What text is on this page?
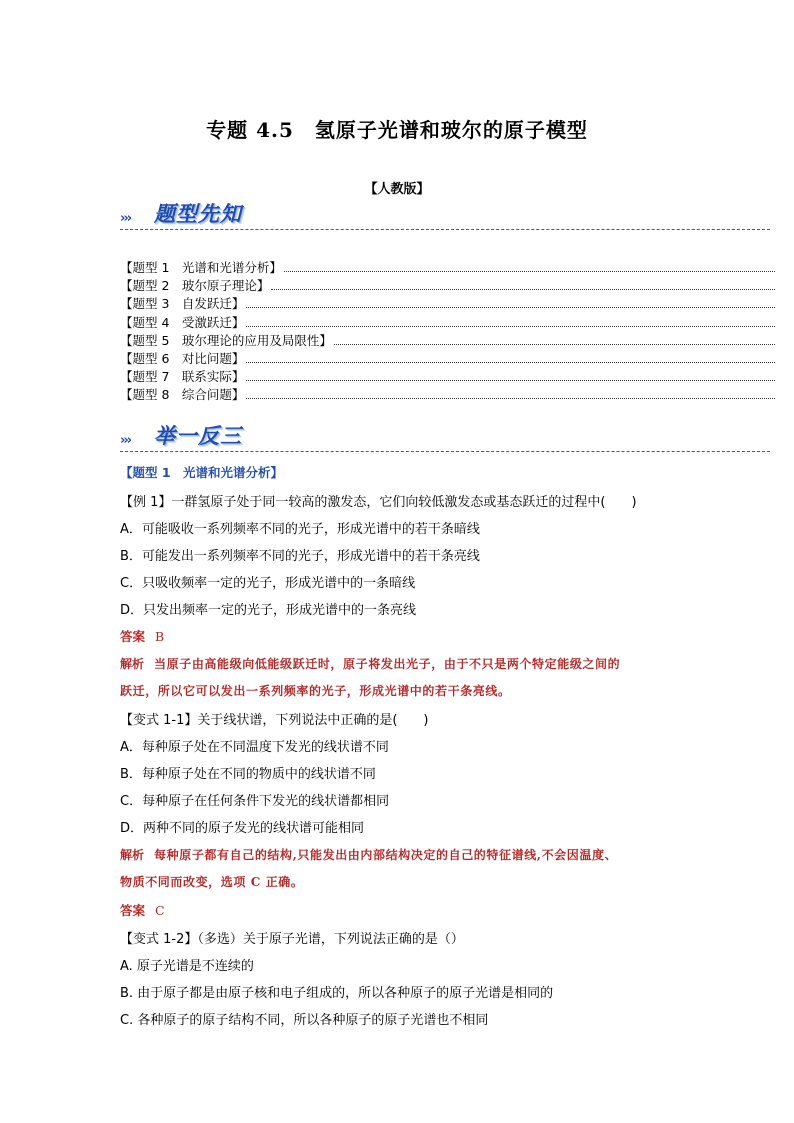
专题 4.5　氢原子光谱和玻尔的原子模型
【人教版】
››› 题型先知
【题型 1　光谱和光谱分析】
【题型 2　玻尔原子理论】
【题型 3　自发跃迁】
【题型 4　受激跃迁】
【题型 5　玻尔理论的应用及局限性】
【题型 6　对比问题】
【题型 7　联系实际】
【题型 8　综合问题】
››› 举一反三
【题型 1　光谱和光谱分析】
【例 1】一群氢原子处于同一较高的激发态，它们向较低激发态或基态跃迁的过程中(　　)
A．可能吸收一系列频率不同的光子，形成光谱中的若干条暗线
B．可能发出一系列频率不同的光子，形成光谱中的若干条亮线
C．只吸收频率一定的光子，形成光谱中的一条暗线
D．只发出频率一定的光子，形成光谱中的一条亮线
答案 B
解析 当原子由高能级向低能级跃迁时，原子将发出光子，由于不只是两个特定能级之间的
跃迁，所以它可以发出一系列频率的光子，形成光谱中的若干条亮线。
【变式 1-1】关于线状谱，下列说法中正确的是(　　)
A．每种原子处在不同温度下发光的线状谱不同
B．每种原子处在不同的物质中的线状谱不同
C．每种原子在任何条件下发光的线状谱都相同
D．两种不同的原子发光的线状谱可能相同
解析 每种原子都有自己的结构,只能发出由内部结构决定的自己的特征谱线,不会因温度、
物质不同而改变，选项 C 正确。
答案 C
【变式 1-2】（多选）关于原子光谱，下列说法正确的是（）
A. 原子光谱是不连续的
B. 由于原子都是由原子核和电子组成的，所以各种原子的原子光谱是相同的
C. 各种原子的原子结构不同，所以各种原子的原子光谱也不相同
